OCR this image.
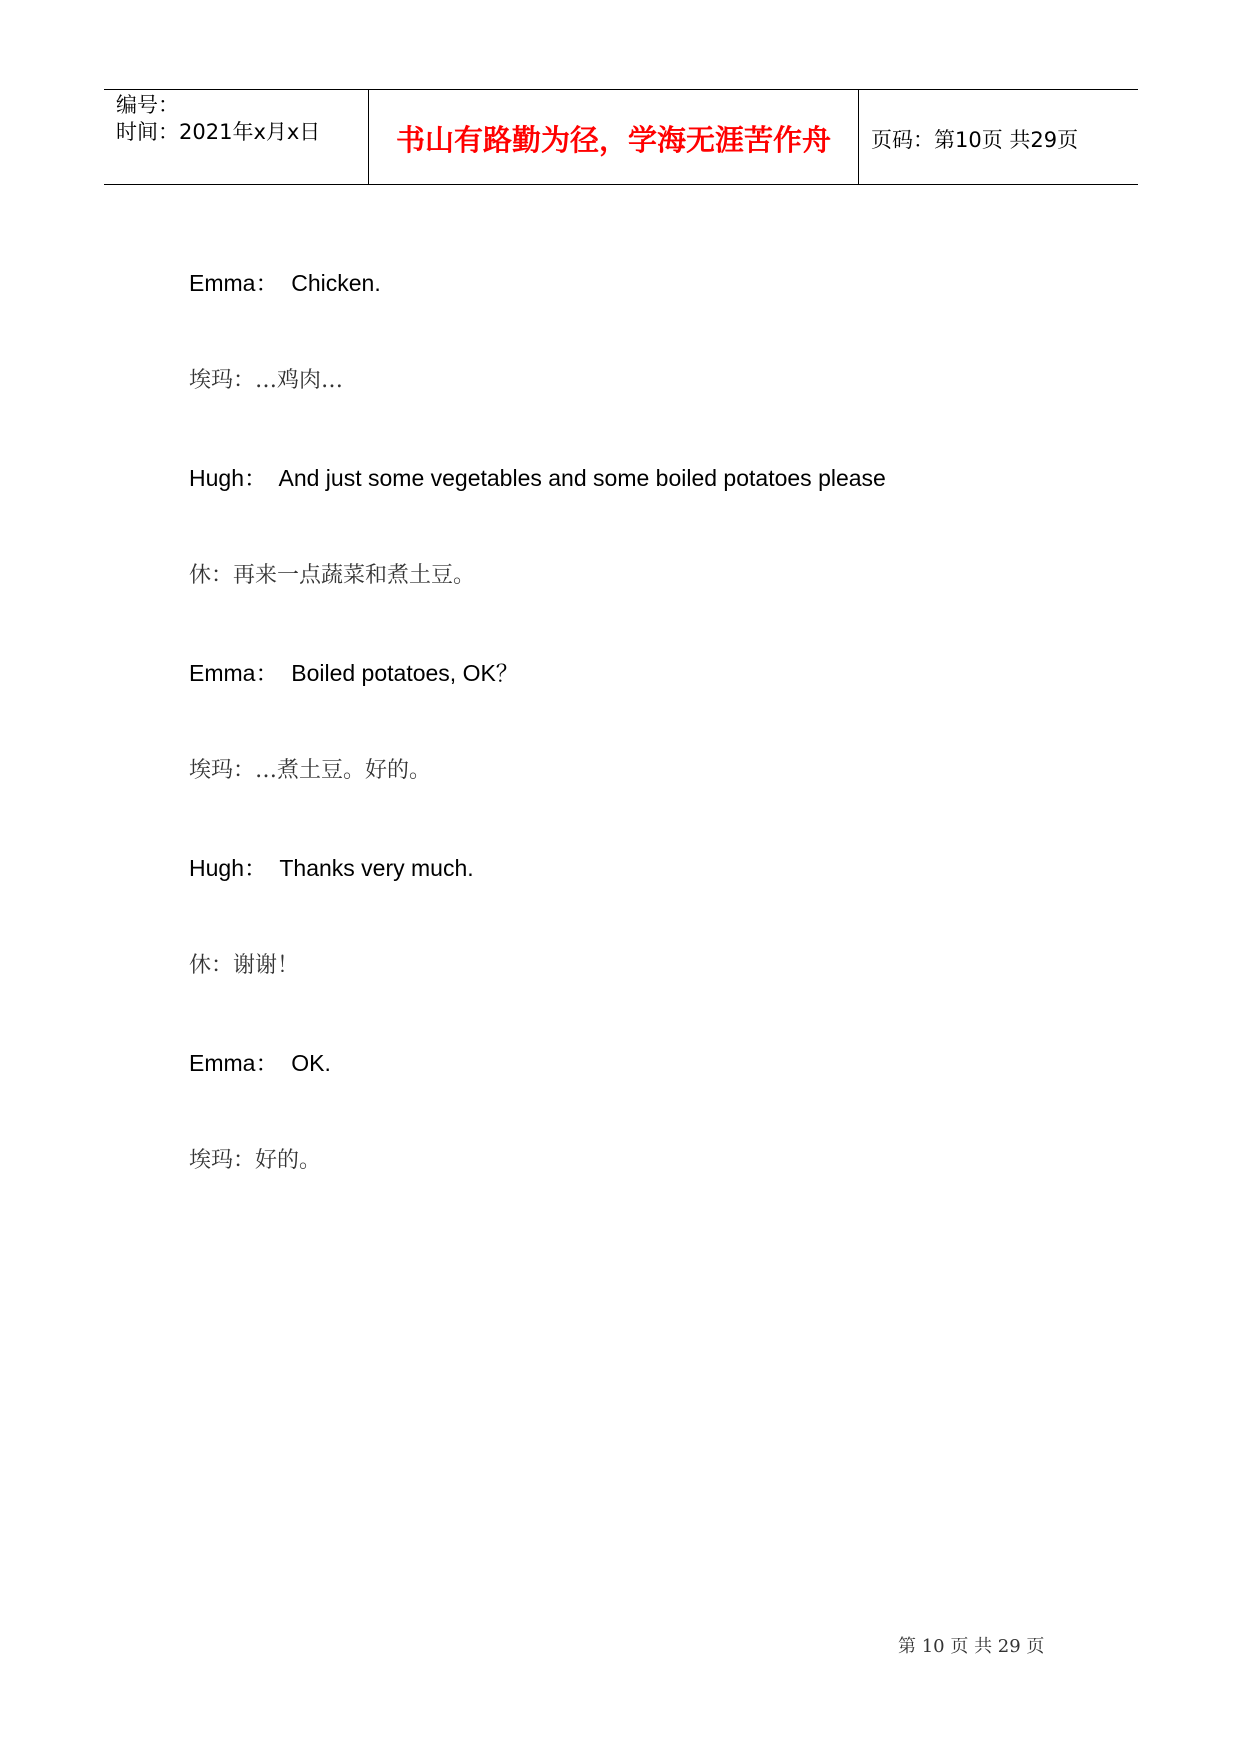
编号：
时间：2021年x月x日	书山有路勤为径，学海无涯苦作舟	页码：第10页 共29页
Emma：  Chicken.
埃玛：…鸡肉…
Hugh：  And just some vegetables and some boiled potatoes please
休：再来一点蔬菜和煮土豆。
Emma：  Boiled potatoes, OK？
埃玛：…煮土豆。好的。
Hugh：  Thanks very much.
休：谢谢！
Emma：  OK.
埃玛：好的。
第 10 页 共 29 页
